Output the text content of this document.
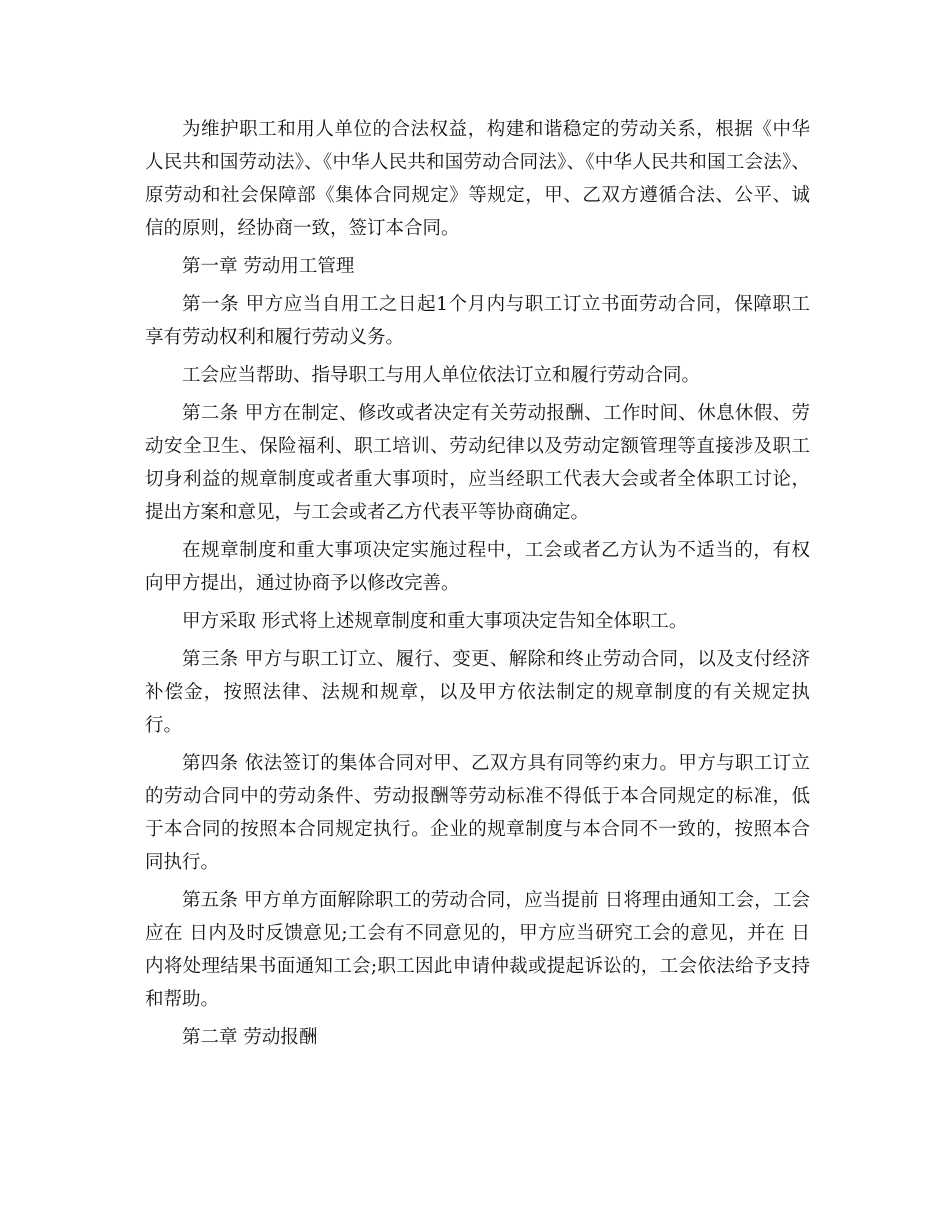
为维护职工和用人单位的合法权益，构建和谐稳定的劳动关系，根据《中华人民共和国劳动法》、《中华人民共和国劳动合同法》、《中华人民共和国工会法》、原劳动和社会保障部《集体合同规定》等规定，甲、乙双方遵循合法、公平、诚信的原则，经协商一致，签订本合同。

第一章 劳动用工管理

第一条 甲方应当自用工之日起1个月内与职工订立书面劳动合同，保障职工享有劳动权利和履行劳动义务。

工会应当帮助、指导职工与用人单位依法订立和履行劳动合同。

第二条 甲方在制定、修改或者决定有关劳动报酬、工作时间、休息休假、劳动安全卫生、保险福利、职工培训、劳动纪律以及劳动定额管理等直接涉及职工切身利益的规章制度或者重大事项时，应当经职工代表大会或者全体职工讨论，提出方案和意见，与工会或者乙方代表平等协商确定。

在规章制度和重大事项决定实施过程中，工会或者乙方认为不适当的，有权向甲方提出，通过协商予以修改完善。

甲方采取 形式将上述规章制度和重大事项决定告知全体职工。

第三条 甲方与职工订立、履行、变更、解除和终止劳动合同，以及支付经济补偿金，按照法律、法规和规章，以及甲方依法制定的规章制度的有关规定执行。

第四条 依法签订的集体合同对甲、乙双方具有同等约束力。甲方与职工订立的劳动合同中的劳动条件、劳动报酬等劳动标准不得低于本合同规定的标准，低于本合同的按照本合同规定执行。企业的规章制度与本合同不一致的，按照本合同执行。

第五条 甲方单方面解除职工的劳动合同，应当提前 日将理由通知工会，工会应在 日内及时反馈意见;工会有不同意见的，甲方应当研究工会的意见，并在 日内将处理结果书面通知工会;职工因此申请仲裁或提起诉讼的，工会依法给予支持和帮助。

第二章 劳动报酬
